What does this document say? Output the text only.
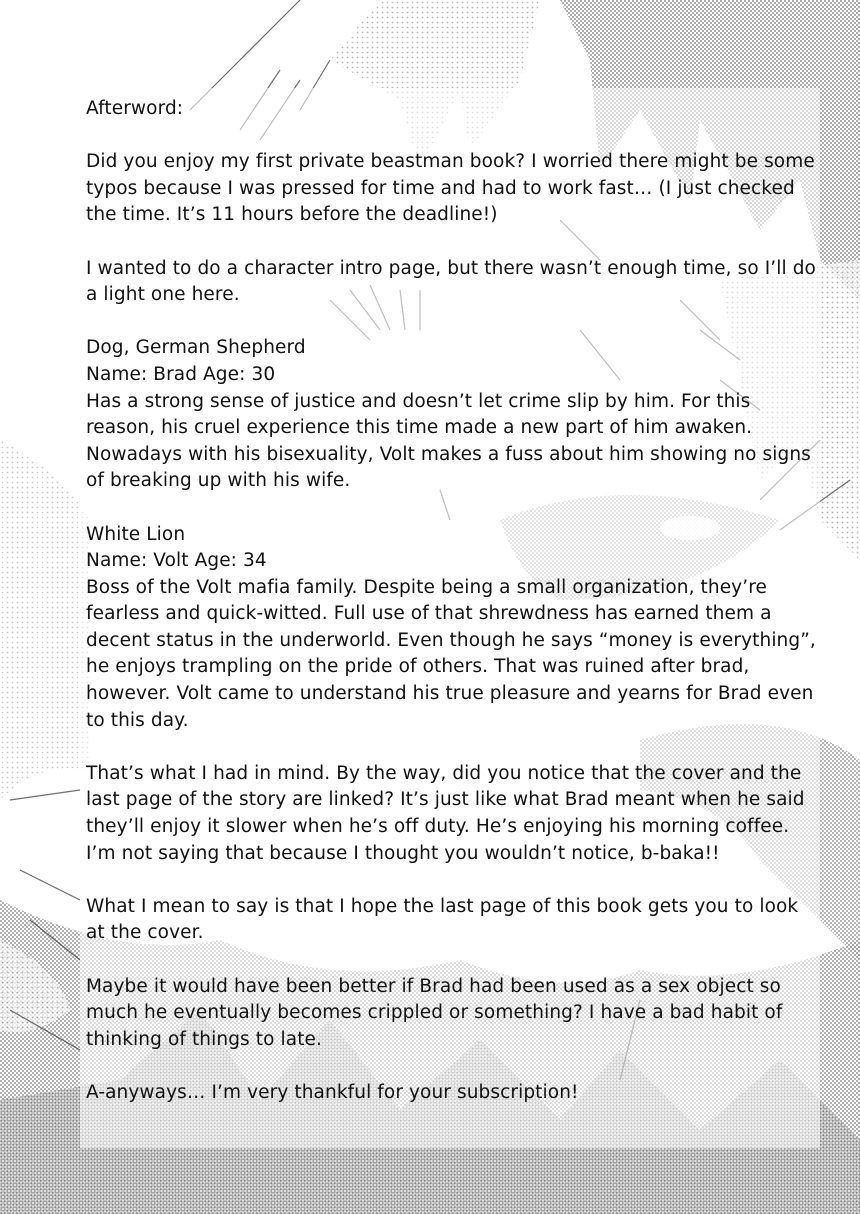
Afterword:

Did you enjoy my first private beastman book? I worried there might be some
typos because I was pressed for time and had to work fast… (I just checked
the time. It’s 11 hours before the deadline!)

I wanted to do a character intro page, but there wasn’t enough time, so I’ll do
a light one here.

Dog, German Shepherd
Name: Brad Age: 30
Has a strong sense of justice and doesn’t let crime slip by him. For this
reason, his cruel experience this time made a new part of him awaken.
Nowadays with his bisexuality, Volt makes a fuss about him showing no signs
of breaking up with his wife.

White Lion
Name: Volt Age: 34
Boss of the Volt mafia family. Despite being a small organization, they’re
fearless and quick-witted. Full use of that shrewdness has earned them a
decent status in the underworld. Even though he says “money is everything”,
he enjoys trampling on the pride of others. That was ruined after brad,
however. Volt came to understand his true pleasure and yearns for Brad even
to this day.

That’s what I had in mind. By the way, did you notice that the cover and the
last page of the story are linked? It’s just like what Brad meant when he said
they’ll enjoy it slower when he’s off duty. He’s enjoying his morning coffee.
I’m not saying that because I thought you wouldn’t notice, b-baka!!

What I mean to say is that I hope the last page of this book gets you to look
at the cover.

Maybe it would have been better if Brad had been used as a sex object so
much he eventually becomes crippled or something? I have a bad habit of
thinking of things to late.

A-anyways… I’m very thankful for your subscription!
